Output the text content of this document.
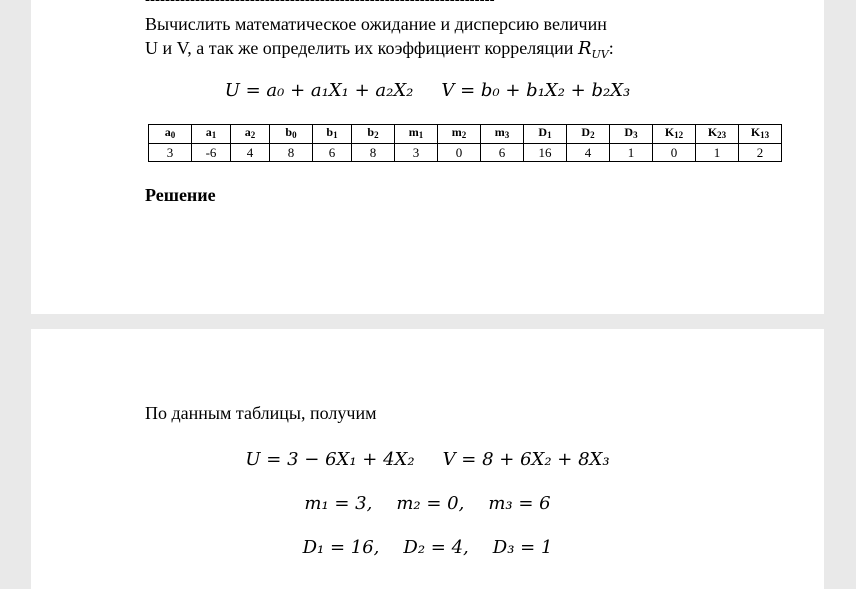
----------------------------------------------------------------------
Вычислить математическое ожидание и дисперсию величин
U и V, а так же определить их коэффициент корреляции $R_{UV}$:
U = a₀ + a₁X₁ + a₂X₂ V = b₀ + b₁X₂ + b₂X₃
$a_0$	$a_1$	$a_2$	$b_0$	$b_1$	$b_2$	$m_1$	$m_2$	$m_3$	$D_1$	$D_2$	$D_3$	$K_{12}$	$K_{23}$	$K_{13}$
3	-6	4	8	6	8	3	0	6	16	4	1	0	1	2
Решение
По данным таблицы, получим
U = 3 − 6X₁ + 4X₂ V = 8 + 6X₂ + 8X₃
m₁ = 3, m₂ = 0, m₃ = 6
D₁ = 16, D₂ = 4, D₃ = 1
